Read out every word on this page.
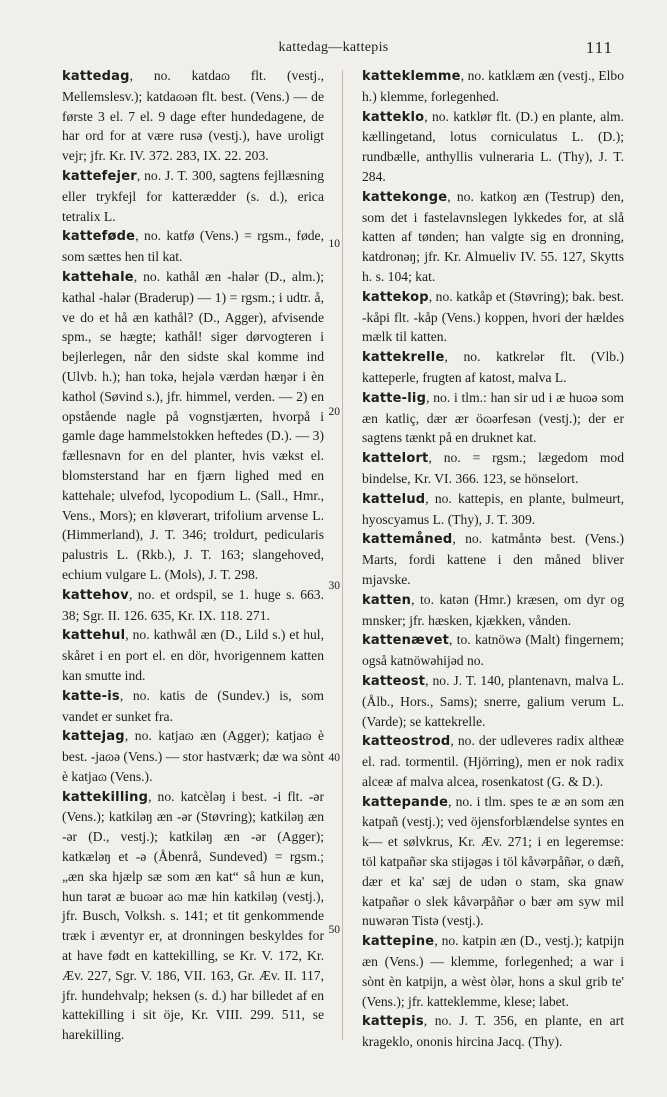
kattedag—kattepis	111
10
20
30
40
50

kattedag, no. katdaɷ flt. (vestj., Mellemslesv.); katdaɷən flt. best. (Vens.) — de første 3 el. 7 el. 9 dage efter hundedagene, de har ord for at være rusə (vestj.), have uroligt vejr; jfr. Kr. IV. 372. 283, IX. 22. 203.

kattefejer, no. J. T. 300, sagtens fejllæsning eller trykfejl for katterædder (s. d.), erica tetralix L.

katteføde, no. katfø (Vens.) = rgsm., føde, som sættes hen til kat.

kattehale, no. kathål æn -halər (D., alm.); kathal -halər (Braderup) — 1) = rgsm.; i udtr. å, ve do et hå æn kathål? (D., Agger), afvisende spm., se hægte; kathål! siger dørvogteren i bejlerlegen, når den sidste skal komme ind (Ulvb. h.); han tokə, hejələ værdən hæŋər i èn kathol (Søvind s.), jfr. himmel, verden. — 2) en opstående nagle på vognstjærten, hvorpå i gamle dage hammelstokken heftedes (D.). — 3) fællesnavn for en del planter, hvis vækst el. blomsterstand har en fjærn lighed med en kattehale; ulvefod, lycopodium L. (Sall., Hmr., Vens., Mors); en kløverart, trifolium arvense L. (Himmerland), J. T. 346; troldurt, pedicularis palustris L. (Rkb.), J. T. 163; slangehoved, echium vulgare L. (Mols), J. T. 298.

kattehov, no. et ordspil, se 1. huge s. 663. 38; Sgr. II. 126. 635, Kr. IX. 118. 271.

kattehul, no. kathwål æn (D., Lild s.) et hul, skåret i en port el. en dör, hvorigennem katten kan smutte ind.

katte-is, no. katis de (Sundev.) is, som vandet er sunket fra.

kattejag, no. katjaɷ æn (Agger); katjaɷ è best. -jaɷə (Vens.) — stor hastværk; dæ wa sònt è katjaɷ (Vens.).

kattekilling, no. katcèləŋ i best. -i flt. -ər (Vens.); katkiləŋ æn -ər (Støvring); katkiləŋ æn -ər (D., vestj.); katkiləŋ æn -ər (Agger); katkæləŋ et -ə (Åbenrå, Sundeved) = rgsm.; „æn ska hjælp sæ som æn kat“ så hun æ kun, hun tarət æ buɷər aɷ mæ hin katkiləŋ (vestj.), jfr. Busch, Volksh. s. 141; et tit genkommende træk i æventyr er, at dronningen beskyldes for at have født en kattekilling, se Kr. V. 172, Kr. Æv. 227, Sgr. V. 186, VII. 163, Gr. Æv. II. 117, jfr. hundehvalp; heksen (s. d.) har billedet af en kattekilling i sit öje, Kr. VIII. 299. 511, se harekilling.

katteklemme, no. katklæm æn (vestj., Elbo h.) klemme, forlegenhed.

katteklo, no. katklør flt. (D.) en plante, alm. kællingetand, lotus corniculatus L. (D.); rundbælle, anthyllis vulneraria L. (Thy), J. T. 284.

kattekonge, no. katkoŋ æn (Testrup) den, som det i fastelavnslegen lykkedes for, at slå katten af tønden; han valgte sig en dronning, katdronəŋ; jfr. Kr. Almueliv IV. 55. 127, Skytts h. s. 104; kat.

kattekop, no. katkåp et (Støvring); bak. best. -kåpi flt. -kåp (Vens.) koppen, hvori der hældes mælk til katten.

kattekrelle, no. katkrelər flt. (Vlb.) katteperle, frugten af katost, malva L.

katte-lig, no. i tlm.: han sir ud i æ huɷə som æn katliç, dær ær öɷərfesən (vestj.); der er sagtens tænkt på en druknet kat.

kattelort, no. = rgsm.; lægedom mod bindelse, Kr. VI. 366. 123, se hönselort.

kattelud, no. kattepis, en plante, bulmeurt, hyoscyamus L. (Thy), J. T. 309.

kattemåned, no. katmåntə best. (Vens.) Marts, fordi kattene i den måned bliver mjavske.

katten, to. katən (Hmr.) kræsen, om dyr og mnsker; jfr. hæsken, kjækken, vånden.

kattenævet, to. katnöwə (Malt) fingernem; også katnöwəhijəd no.

katteost, no. J. T. 140, plantenavn, malva L. (Ålb., Hors., Sams); snerre, galium verum L. (Varde); se kattekrelle.

katteostrod, no. der udleveres radix altheæ el. rad. tormentil. (Hjörring), men er nok radix alceæ af malva alcea, rosenkatost (G. & D.).

kattepande, no. i tlm. spes te æ ən som æn katpañ (vestj.); ved öjensforblændelse syntes en k— et sølvkrus, Kr. Æv. 271; i en legeremse: töl katpañər ska stijəgəs i töl kåvərpåñər, o dæñ, dær et ka' sæj de udən o stam, ska gnaw katpañər o slek kåvərpåñər o bær əm syw mil nuwərən Tistə (vestj.).

kattepine, no. katpin æn (D., vestj.); katpijn æn (Vens.) — klemme, forlegenhed; a war i sònt èn katpijn, a wèst òlər, hons a skul grib te' (Vens.); jfr. katteklemme, klese; labet.

kattepis, no. J. T. 356, en plante, en art krageklo, ononis hircina Jacq. (Thy).
